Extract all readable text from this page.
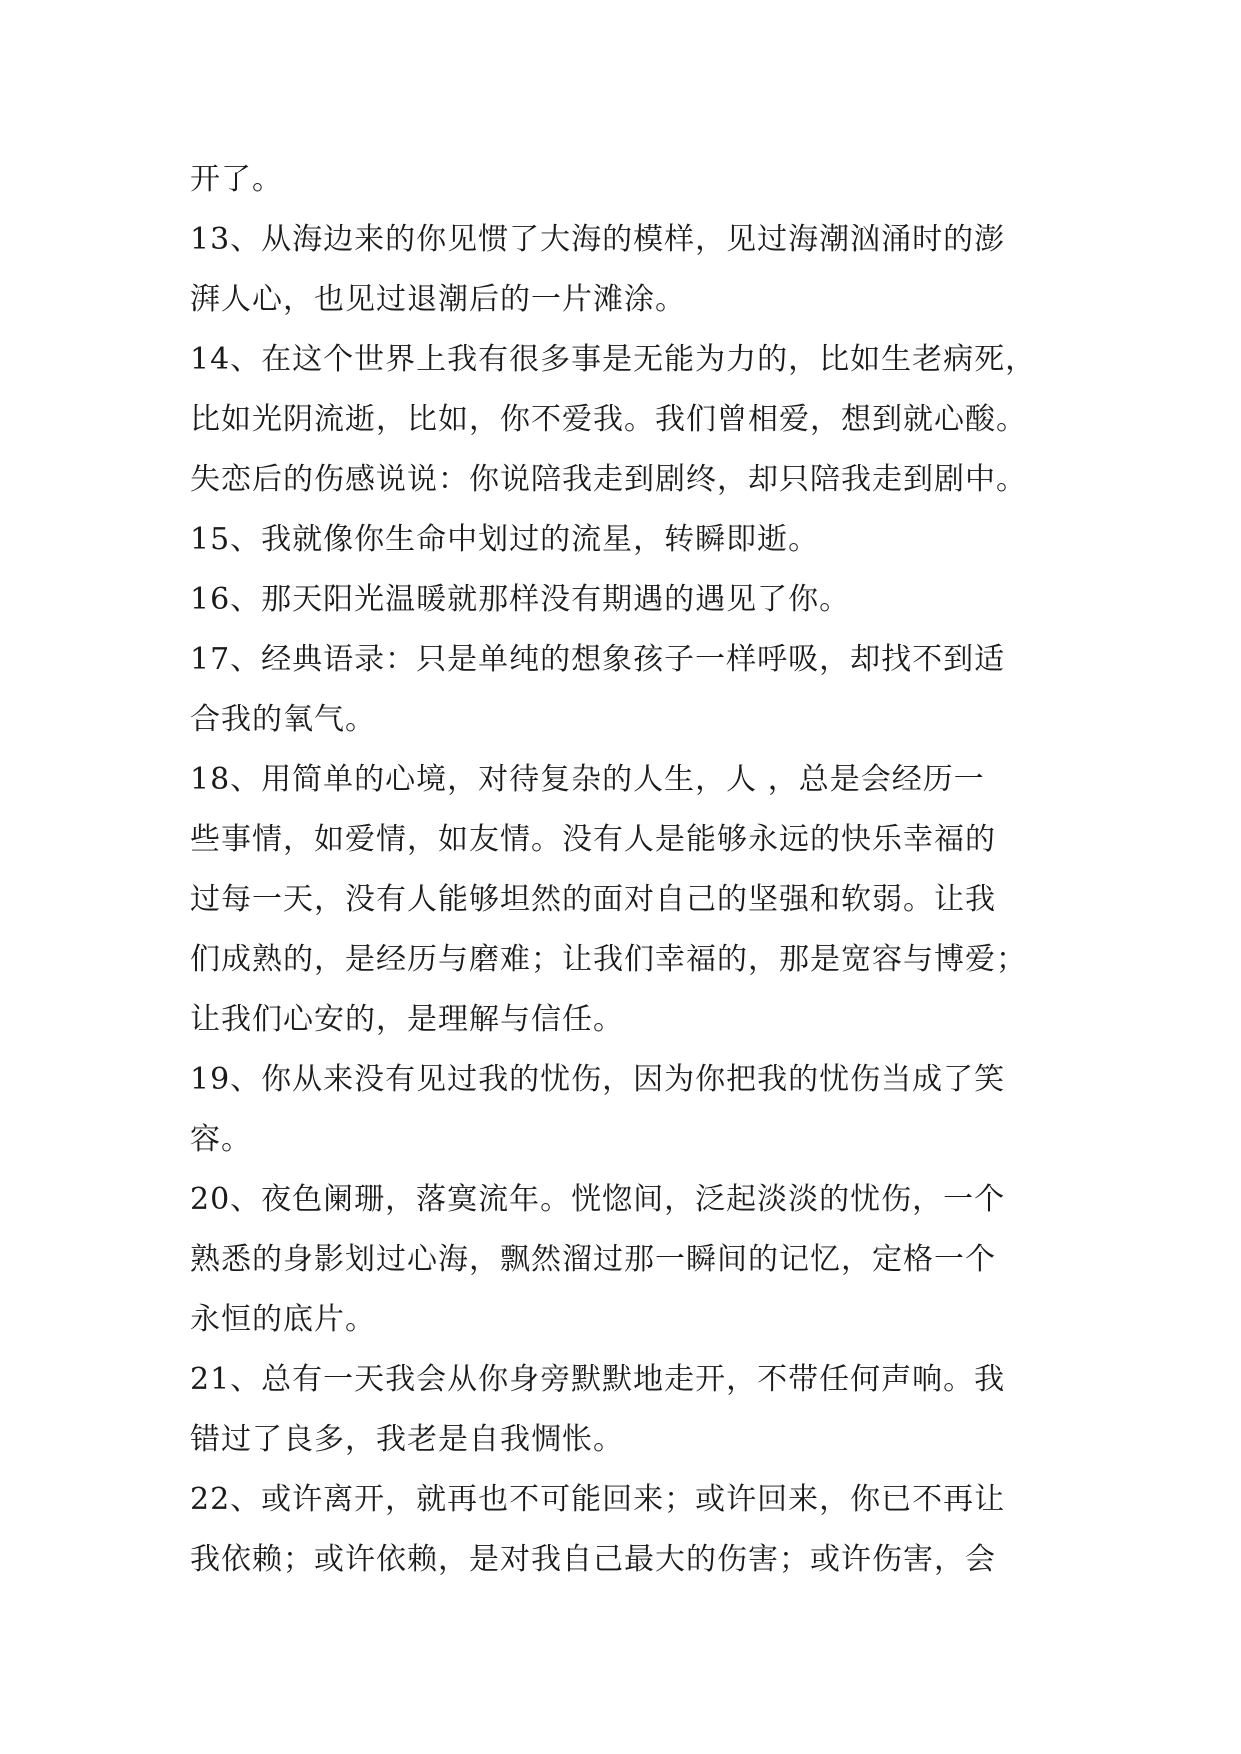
开了。
13、从海边来的你见惯了大海的模样，见过海潮汹涌时的澎
湃人心，也见过退潮后的一片滩涂。
14、在这个世界上我有很多事是无能为力的，比如生老病死，
比如光阴流逝，比如，你不爱我。我们曾相爱，想到就心酸。
失恋后的伤感说说：你说陪我走到剧终，却只陪我走到剧中。
15、我就像你生命中划过的流星，转瞬即逝。
16、那天阳光温暖就那样没有期遇的遇见了你。
17、经典语录：只是单纯的想象孩子一样呼吸，却找不到适
合我的氧气。
18、用简单的心境，对待复杂的人生，人 ，总是会经历一
些事情，如爱情，如友情。没有人是能够永远的快乐幸福的
过每一天，没有人能够坦然的面对自己的坚强和软弱。让我
们成熟的，是经历与磨难；让我们幸福的，那是宽容与博爱；
让我们心安的，是理解与信任。
19、你从来没有见过我的忧伤，因为你把我的忧伤当成了笑
容。
20、夜色阑珊，落寞流年。恍惚间，泛起淡淡的忧伤，一个
熟悉的身影划过心海，飘然溜过那一瞬间的记忆，定格一个
永恒的底片。
21、总有一天我会从你身旁默默地走开，不带任何声响。我
错过了良多，我老是自我惆怅。
22、或许离开，就再也不可能回来；或许回来，你已不再让
我依赖；或许依赖，是对我自己最大的伤害；或许伤害，会
